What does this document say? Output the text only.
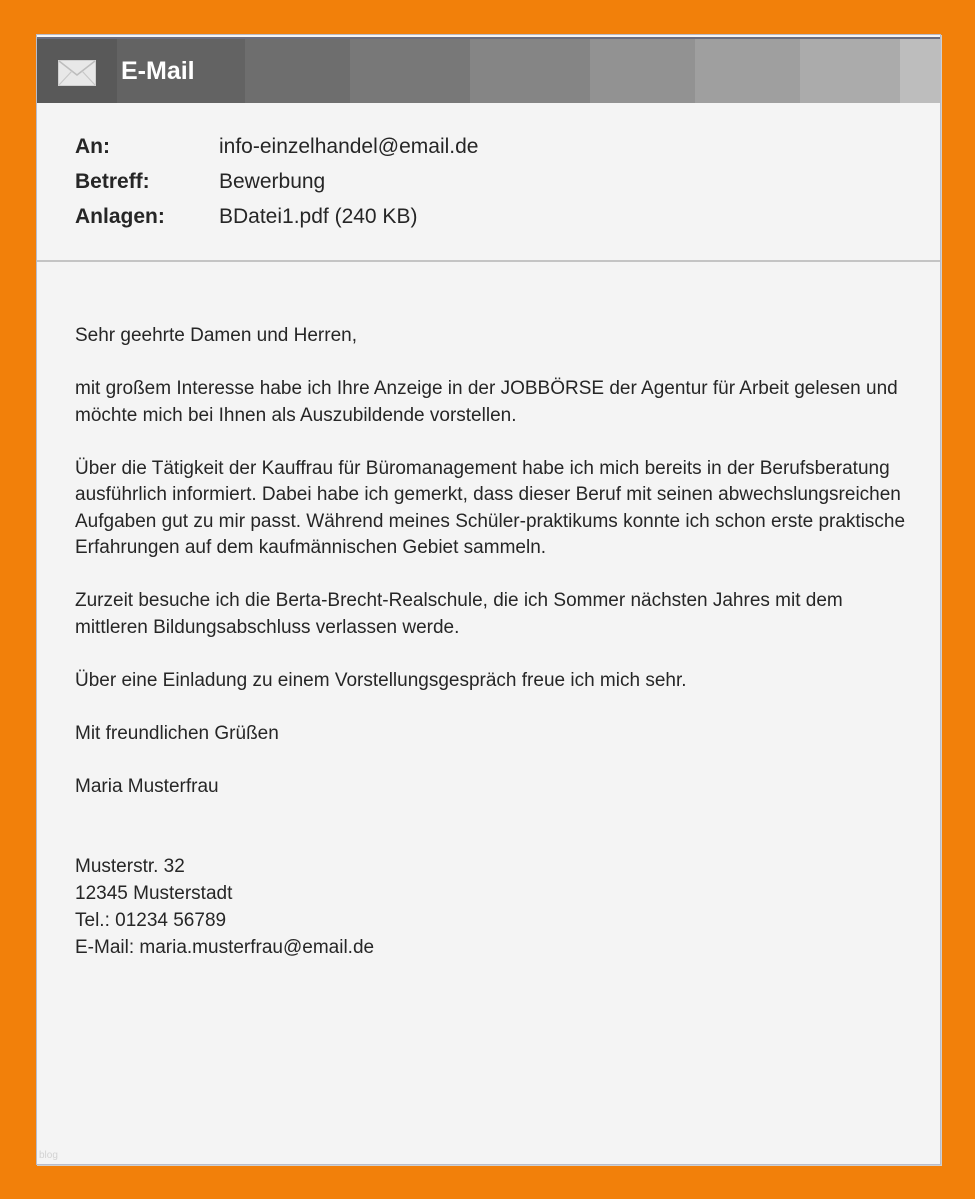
E-Mail
An:	info-einzelhandel@email.de
Betreff:	Bewerbung
Anlagen:	BDatei1.pdf (240 KB)

Sehr geehrte Damen und Herren,

mit großem Interesse habe ich Ihre Anzeige in der JOBBÖRSE der Agentur für Arbeit gelesen und möchte mich bei Ihnen als Auszubildende vorstellen.

Über die Tätigkeit der Kauffrau für Büromanagement habe ich mich bereits in der Berufsberatung ausführlich informiert. Dabei habe ich gemerkt, dass dieser Beruf mit seinen abwechslungsreichen Aufgaben gut zu mir passt. Während meines Schüler-praktikums konnte ich schon erste praktische Erfahrungen auf dem kaufmännischen Gebiet sammeln.

Zurzeit besuche ich die Berta-Brecht-Realschule, die ich Sommer nächsten Jahres mit dem mittleren Bildungsabschluss verlassen werde.

Über eine Einladung zu einem Vorstellungsgespräch freue ich mich sehr.

Mit freundlichen Grüßen

Maria Musterfrau

Musterstr. 32
12345 Musterstadt
Tel.: 01234 56789
E-Mail: maria.musterfrau@email.de
blog
